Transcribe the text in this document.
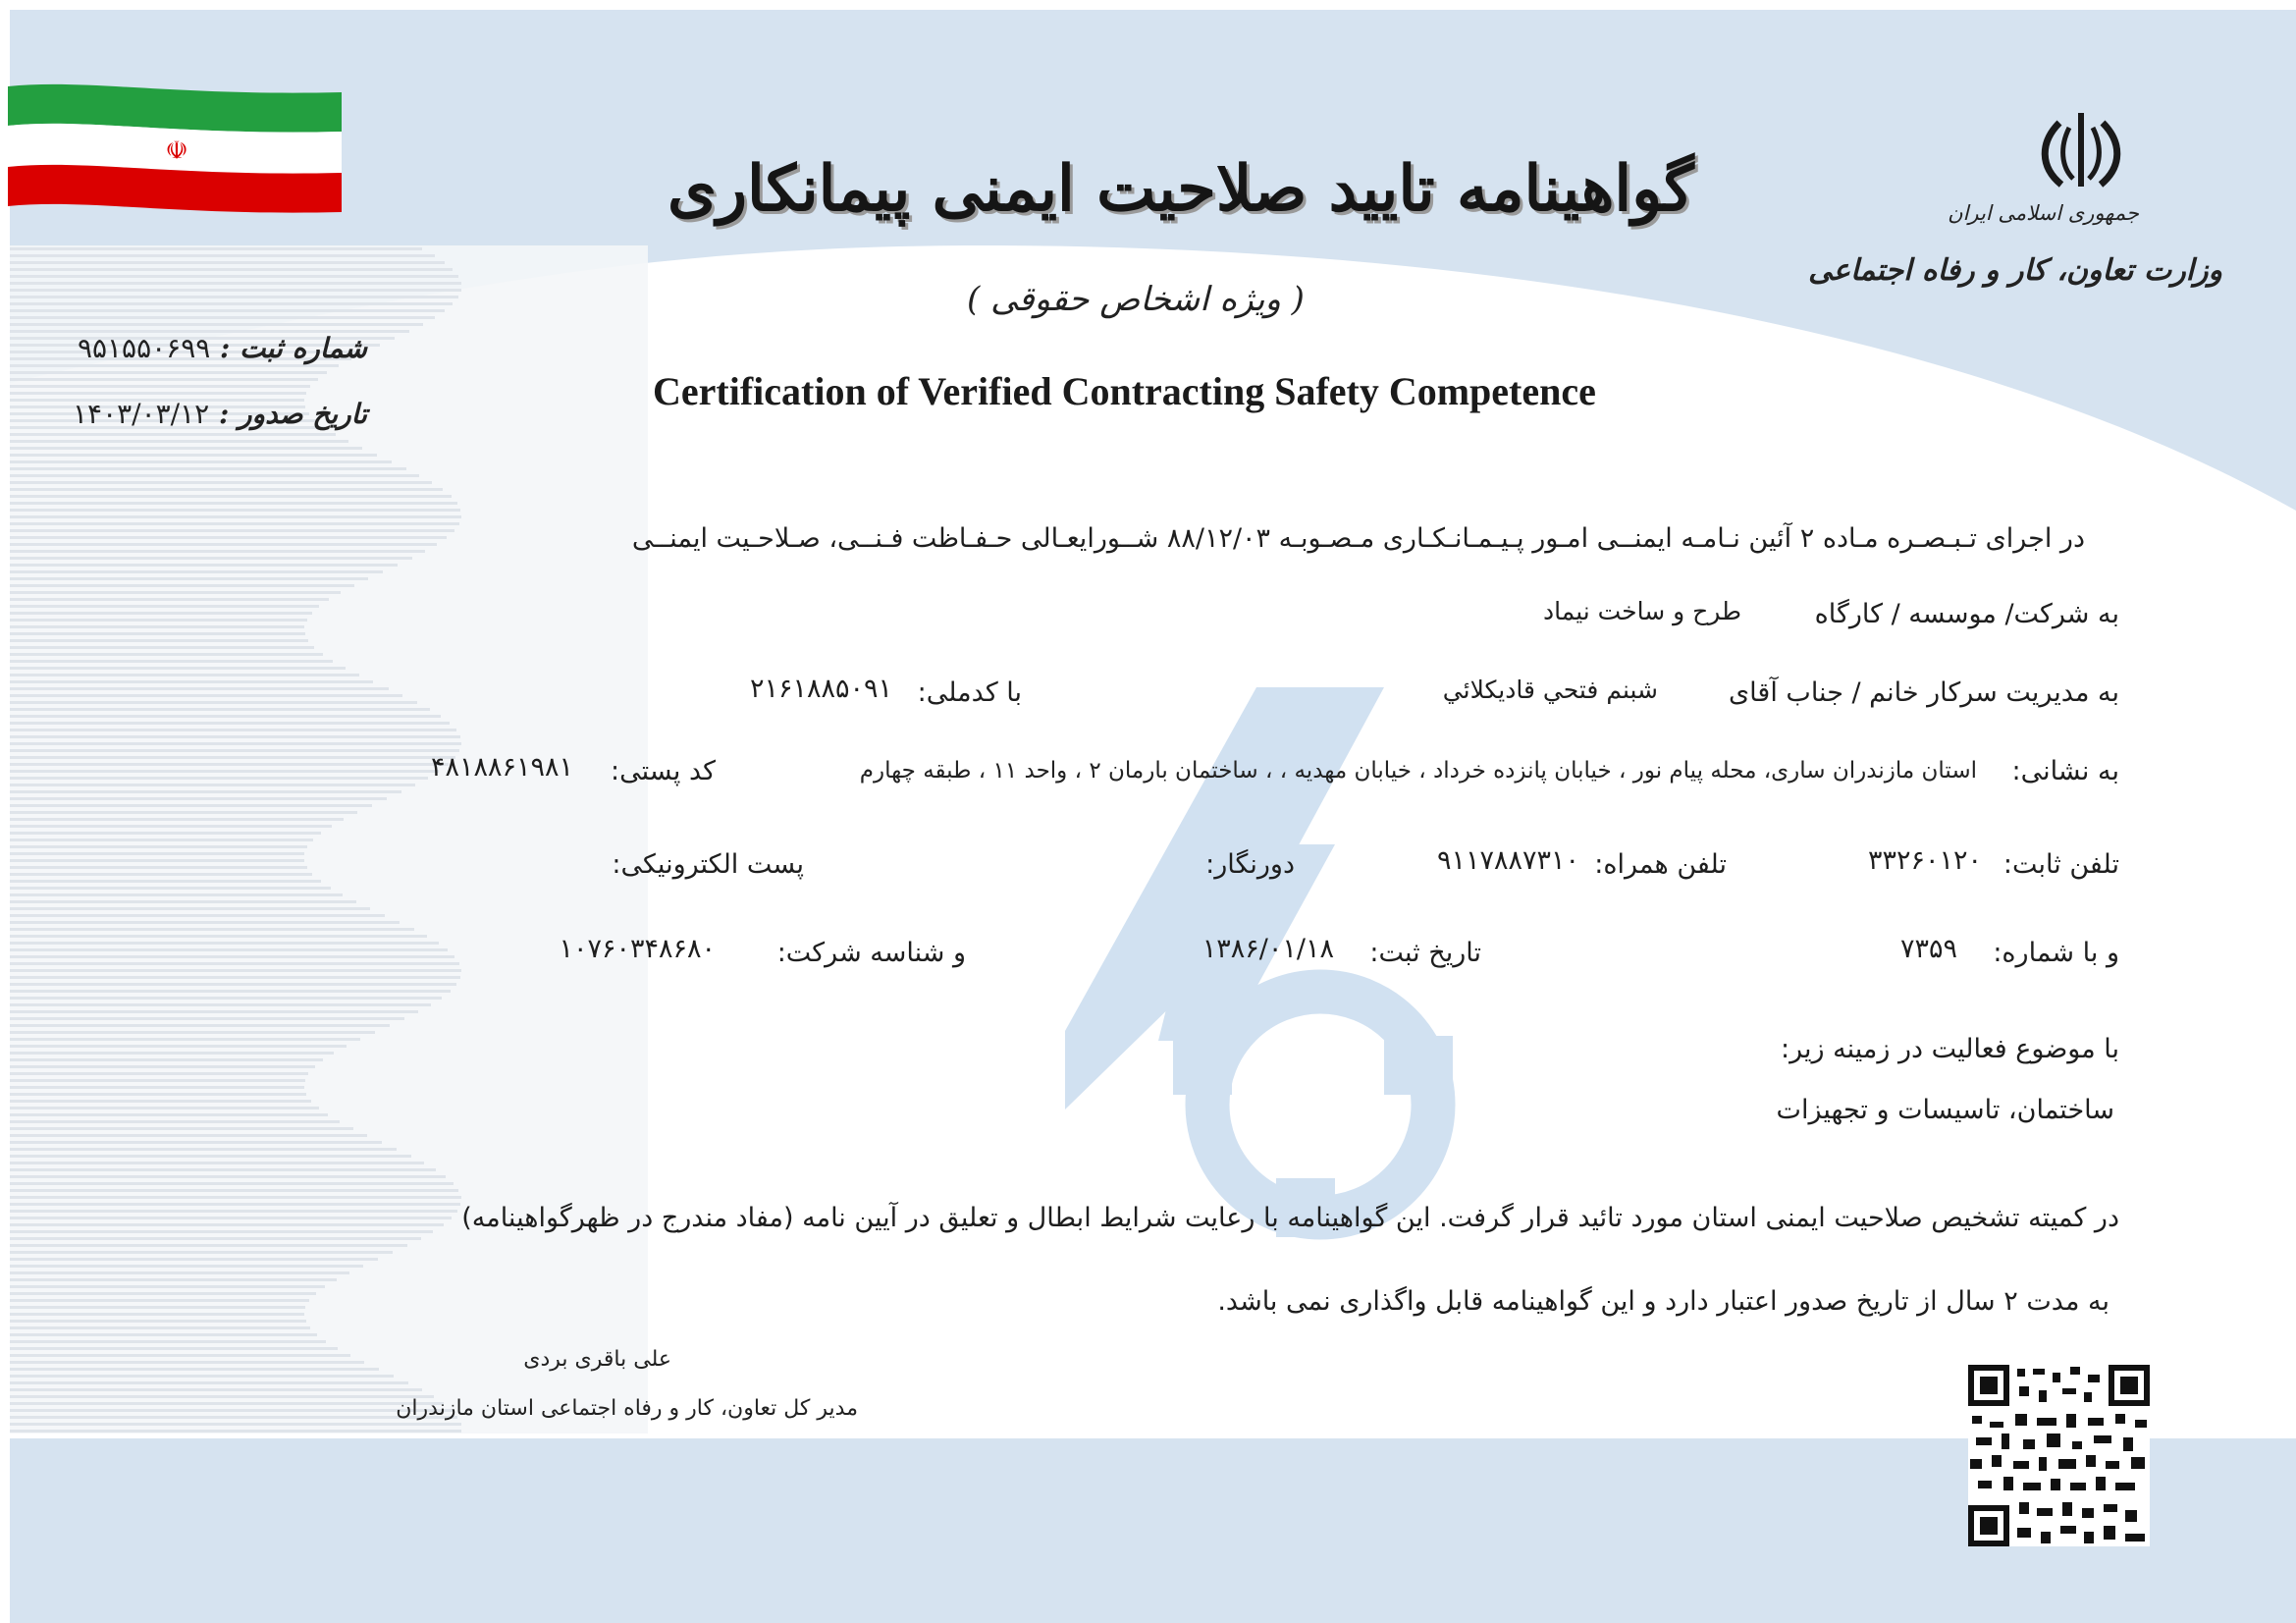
☫
جمهوری اسلامی ایران
وزارت تعاون، کار و رفاه اجتماعی
گواهینامه تایید صلاحیت ایمنی پیمانکاری
( ویژه اشخاص حقوقی )
Certification of Verified Contracting Safety Competence
شماره ثبت : ۹۵۱۵۵۰۶۹۹
تاریخ صدور : ۱۴۰۳/۰۳/۱۲
در اجرای تـبـصـره مـاده ۲ آئین نـامـه ایمنــی امـور پـیـمـانـکـاری مـصـوبـه ۸۸/۱۲/۰۳ شــورایعـالی حـفـاظت فـنــی، صـلاحـیت ایمنــی
به شرکت/ موسسه / کارگاه
طرح و ساخت نیماد
به مدیریت سرکار خانم / جناب آقای
شبنم فتحي قاديكلائي
با کدملی:
۲۱۶۱۸۸۵۰۹۱
به نشانی:
استان مازندران ساری، محله پیام نور ، خیابان پانزده خرداد ، خیابان مهدیه ، ، ساختمان بارمان ۲ ، واحد ۱۱ ، طبقه چهارم
کد پستی:
۴۸۱۸۸۶۱۹۸۱
تلفن ثابت:
۳۳۲۶۰۱۲۰
تلفن همراه:
۹۱۱۷۸۸۷۳۱۰
دورنگار:
پست الکترونیکی:
و با شماره:
۷۳۵۹
تاریخ ثبت:
۱۳۸۶/۰۱/۱۸
و شناسه شرکت:
۱۰۷۶۰۳۴۸۶۸۰
با موضوع فعالیت در زمینه زیر:
ساختمان، تاسیسات و تجهیزات
در کمیته تشخیص صلاحیت ایمنی استان مورد تائید قرار گرفت. این گواهینامه با رعایت شرایط ابطال و تعلیق در آیین نامه (مفاد مندرج در ظهرگواهینامه)
به مدت ۲ سال از تاریخ صدور اعتبار دارد و این گواهینامه قابل واگذاری نمی باشد.
علی باقری بردی
مدیر کل تعاون، کار و رفاه اجتماعی استان مازندران
